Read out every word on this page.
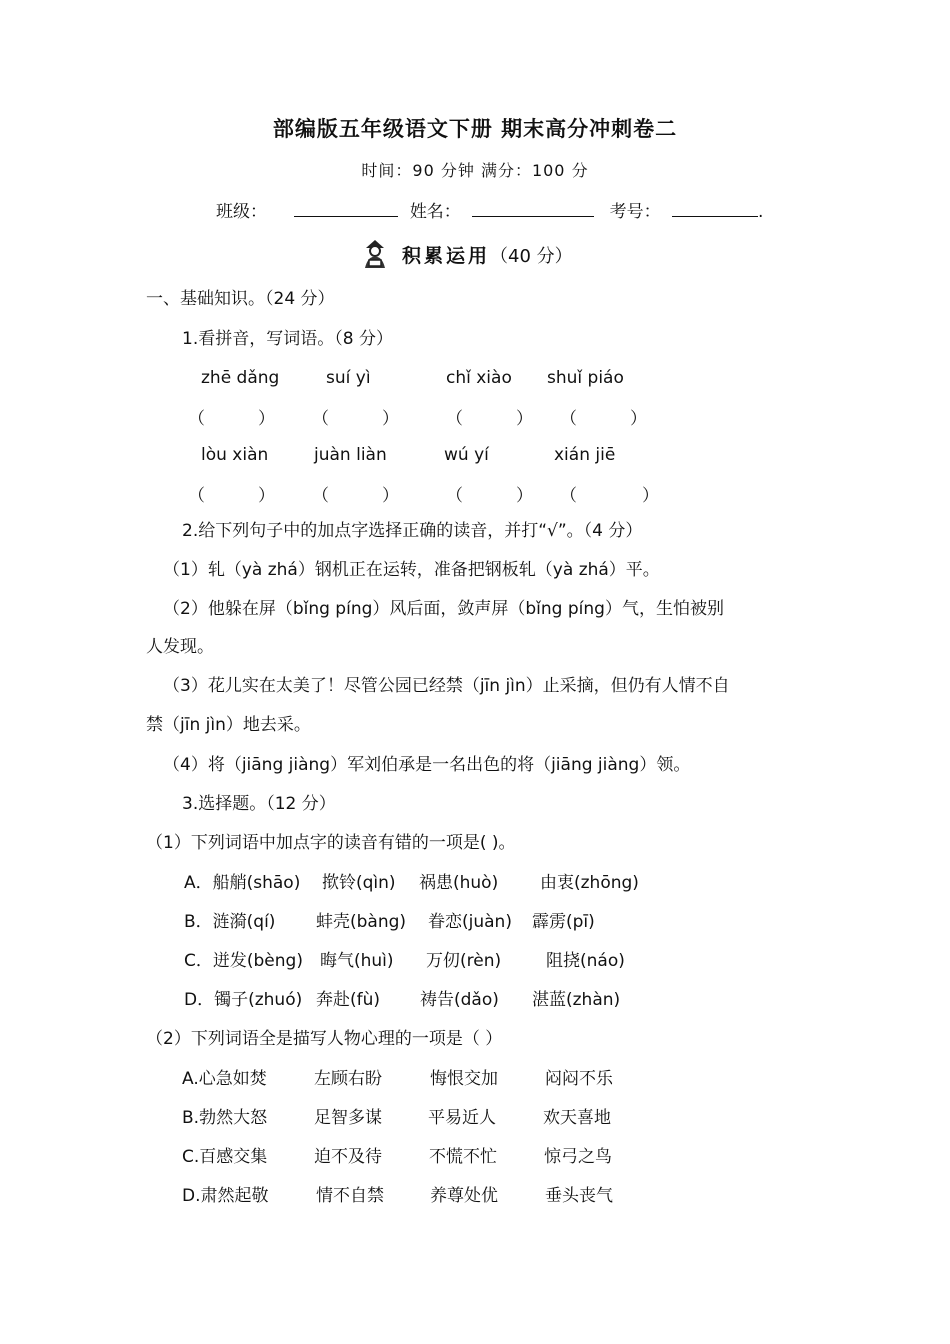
部编版五年级语文下册 期末高分冲刺卷二
时间：90 分钟 满分：100 分
班级：	姓名：	考号：	.
积累运用（40 分）
一、基础知识。（24 分）
1.看拼音，写词语。（8 分）
zhē dǎng	suí yì	chǐ xiào shuǐ piáo
（	） （	）	（	） （	）
lòu xiàn	juàn liàn	wú yí	xián jiē
（	） （	）	（	） （	）
2.给下列句子中的加点字选择正确的读音，并打“√”。（4 分）
（1）轧（yà zhá）钢机正在运转，准备把钢板轧（yà zhá）平。
（2）他躲在屏（bǐng píng）风后面，敛声屏（bǐng píng）气，生怕被别
人发现。
（3）花儿实在太美了！尽管公园已经禁（jīn jìn）止采摘，但仍有人情不自
禁（jīn jìn）地去采。
（4）将（jiāng jiàng）军刘伯承是一名出色的将（jiāng jiàng）领。
3.选择题。（12 分）
（1）下列词语中加点字的读音有错的一项是( )。
A．船艄(shāo) 揿铃(qìn) 祸患(huò) 由衷(zhōng)
B．涟漪(qí) 蚌壳(bàng) 眷恋(juàn) 霹雳(pī)
C．迸发(bèng) 晦气(huì) 万仞(rèn)	阻挠(náo)
D．镯子(zhuó) 奔赴(fù) 祷告(dǎo) 湛蓝(zhàn)
（2）下列词语全是描写人物心理的一项是（ ）
A.心急如焚	左顾右盼	悔恨交加	闷闷不乐
B.勃然大怒	足智多谋	平易近人	欢天喜地
C.百感交集	迫不及待	不慌不忙	惊弓之鸟
D.肃然起敬	情不自禁	养尊处优	垂头丧气
